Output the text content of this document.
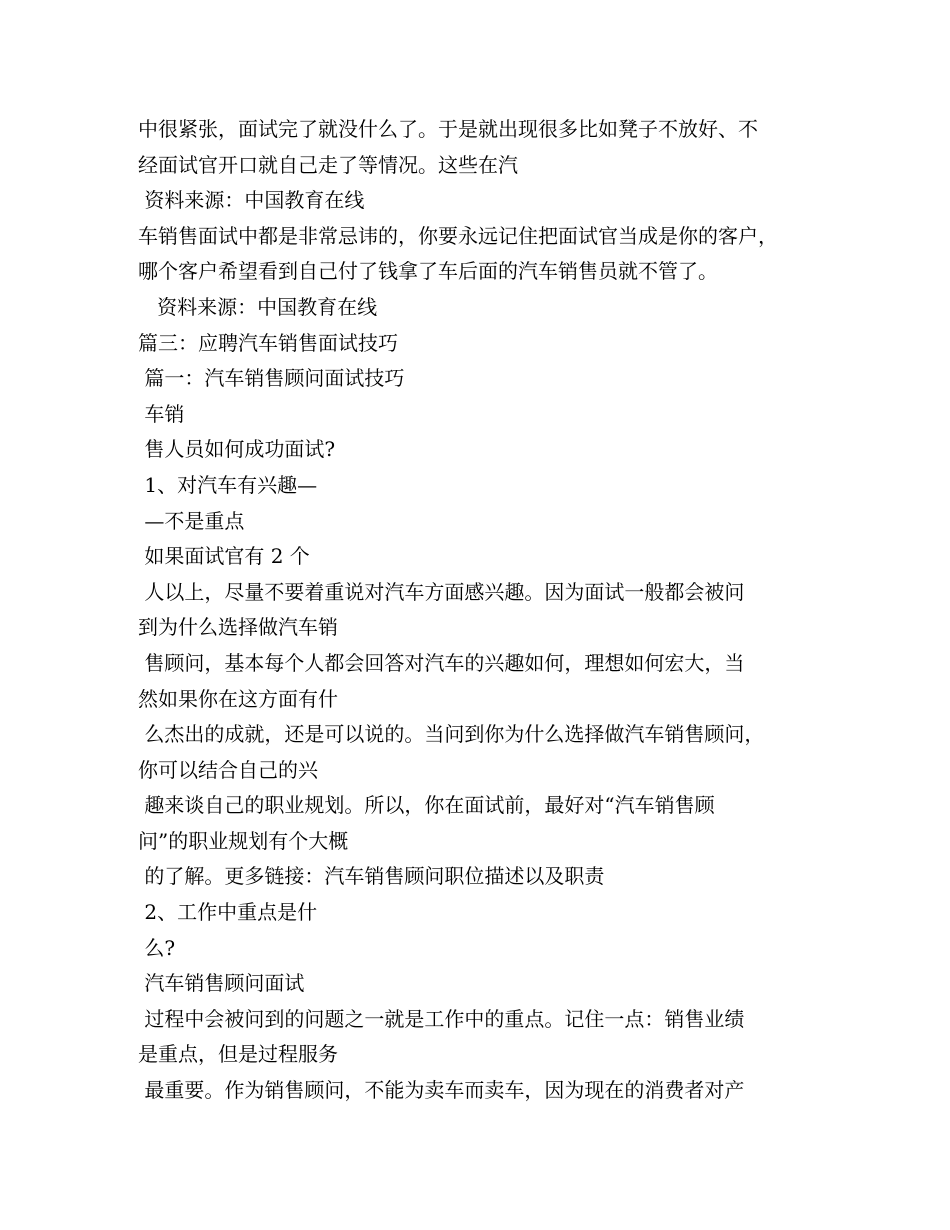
中很紧张，面试完了就没什么了。于是就出现很多比如凳子不放好、不
经面试官开口就自己走了等情况。这些在汽
资料来源：中国教育在线
车销售面试中都是非常忌讳的，你要永远记住把面试官当成是你的客户，
哪个客户希望看到自己付了钱拿了车后面的汽车销售员就不管了。
资料来源：中国教育在线
篇三：应聘汽车销售面试技巧
篇一：汽车销售顾问面试技巧
车销
售人员如何成功面试?
1、对汽车有兴趣—
—不是重点
如果面试官有 2 个
人以上，尽量不要着重说对汽车方面感兴趣。因为面试一般都会被问
到为什么选择做汽车销
售顾问，基本每个人都会回答对汽车的兴趣如何，理想如何宏大，当
然如果你在这方面有什
么杰出的成就，还是可以说的。当问到你为什么选择做汽车销售顾问，
你可以结合自己的兴
趣来谈自己的职业规划。所以，你在面试前，最好对“汽车销售顾
问”的职业规划有个大概
的了解。更多链接：汽车销售顾问职位描述以及职责
2、工作中重点是什
么?
汽车销售顾问面试
过程中会被问到的问题之一就是工作中的重点。记住一点：销售业绩
是重点，但是过程服务
最重要。作为销售顾问，不能为卖车而卖车，因为现在的消费者对产
